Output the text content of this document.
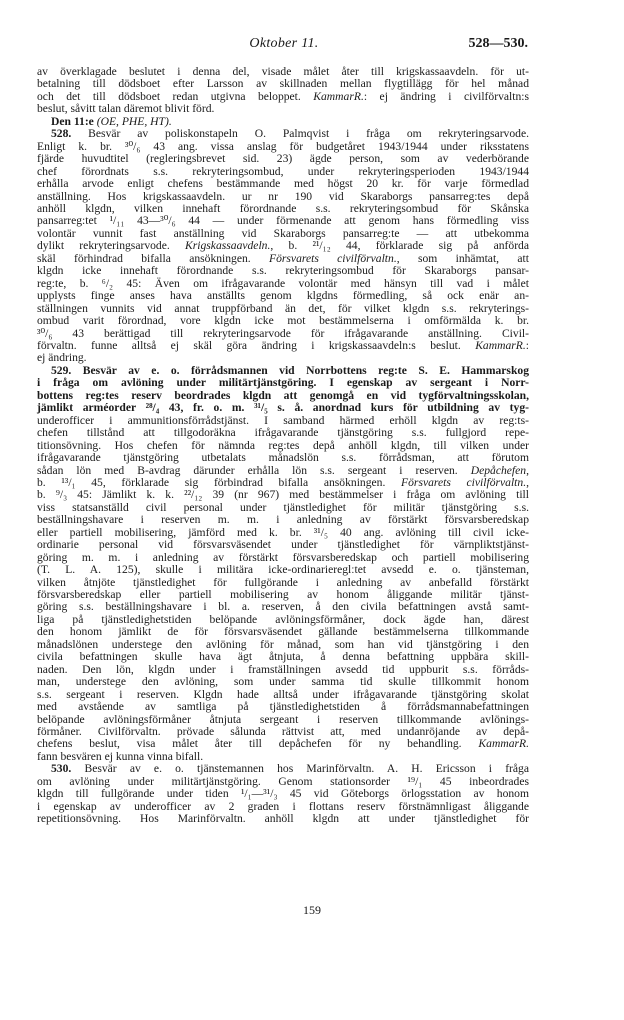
Oktober 11.	528—530.

av överklagade beslutet i denna del, visade målet åter till krigskassaavdeln. för ut-
betalning till dödsboet efter Larsson av skillnaden mellan flygtillägg för hel månad
och det till dödsboet redan utgivna beloppet. KammarR.: ej ändring i civilförvaltn:s
beslut, såvitt talan däremot blivit förd.

Den 11:e (OE, PHE, HT).

528. Besvär av poliskonstapeln O. Palmqvist i fråga om rekryteringsarvode.
Enligt k. br. ³⁰/₆ 43 ang. vissa anslag för budgetåret 1943/1944 under riksstatens
fjärde huvudtitel (regleringsbrevet sid. 23) ägde person, som av vederbörande
chef förordnats s.s. rekryteringsombud, under rekryteringsperioden 1943/1944
erhålla arvode enligt chefens bestämmande med högst 20 kr. för varje förmedlad
anställning. Hos krigskassaavdeln. ur nr 190 vid Skaraborgs pansarreg:tes depå
anhöll klgdn, vilken innehaft förordnande s.s. rekryteringsombud för Skånska
pansarreg:tet ¹/₁₁ 43—³⁰/₆ 44 — under förmenande att genom hans förmedling viss
volontär vunnit fast anställning vid Skaraborgs pansarreg:te — att utbekomma
dylikt rekryteringsarvode. Krigskassaavdeln., b. ²¹/₁₂ 44, förklarade sig på anförda
skäl förhindrad bifalla ansökningen. Försvarets civilförvaltn., som inhämtat, att
klgdn icke innehaft förordnande s.s. rekryteringsombud för Skaraborgs pansar-
reg:te, b. ⁶/₂ 45: Även om ifrågavarande volontär med hänsyn till vad i målet
upplysts finge anses hava anställts genom klgdns förmedling, så ock enär an-
ställningen vunnits vid annat truppförband än det, för vilket klgdn s.s. rekryterings-
ombud varit förordnad, vore klgdn icke mot bestämmelserna i omförmälda k. br.
³⁰/₆ 43 berättigad till rekryteringsarvode för ifrågavarande anställning. Civil-
förvaltn. funne alltså ej skäl göra ändring i krigskassaavdeln:s beslut. KammarR.:
ej ändring.

529. Besvär av e. o. förrådsmannen vid Norrbottens reg:te S. E. Hammarskog
i fråga om avlöning under militärtjänstgöring. I egenskap av sergeant i Norr-
bottens reg:tes reserv beordrades klgdn att genomgå en vid tygförvaltningsskolan,
jämlikt arméorder ²⁸/₄ 43, fr. o. m. ³¹/₅ s. å. anordnad kurs för utbildning av tyg-
underofficer i ammunitionsförrådstjänst. I samband härmed erhöll klgdn av reg:ts-
chefen tillstånd att tillgodoräkna ifrågavarande tjänstgöring s.s. fullgjord repe-
titionsövning. Hos chefen för nämnda reg:tes depå anhöll klgdn, till vilken under
ifrågavarande tjänstgöring utbetalats månadslön s.s. förrådsman, att förutom
sådan lön med B-avdrag därunder erhålla lön s.s. sergeant i reserven. Depåchefen,
b. ¹³/₁ 45, förklarade sig förbindrad bifalla ansökningen. Försvarets civilförvaltn.,
b. ⁹/₃ 45: Jämlikt k. k. ²²/₁₂ 39 (nr 967) med bestämmelser i fråga om avlöning till
viss statsanställd civil personal under tjänstledighet för militär tjänstgöring s.s.
beställningshavare i reserven m. m. i anledning av förstärkt försvarsberedskap
eller partiell mobilisering, jämförd med k. br. ³¹/₅ 40 ang. avlöning till civil icke-
ordinarie personal vid försvarsväsendet under tjänstledighet för värnpliktstjänst-
göring m. m. i anledning av förstärkt försvarsberedskap och partiell mobilisering
(T. L. A. 125), skulle i militära icke-ordinariereglːtet avsedd e. o. tjänsteman,
vilken åtnjöte tjänstledighet för fullgörande i anledning av anbefalld förstärkt
försvarsberedskap eller partiell mobilisering av honom åliggande militär tjänst-
göring s.s. beställningshavare i bl. a. reserven, å den civila befattningen avstå samt-
liga på tjänstledighetstiden belöpande avlöningsförmåner, dock ägde han, därest
den honom jämlikt de för försvarsväsendet gällande bestämmelserna tillkommande
månadslönen understege den avlöning för månad, som han vid tjänstgöring i den
civila befattningen skulle hava ägt åtnjuta, å denna befattning uppbära skill-
naden. Den lön, klgdn under i framställningen avsedd tid uppburit s.s. förråds-
man, understege den avlöning, som under samma tid skulle tillkommit honom
s.s. sergeant i reserven. Klgdn hade alltså under ifrågavarande tjänstgöring skolat
med avstående av samtliga på tjänstledighetstiden å förrådsmannabefattningen
belöpande avlöningsförmåner åtnjuta sergeant i reserven tillkommande avlönings-
förmåner. Civilförvaltn. prövade sålunda rättvist att, med undanröjande av depå-
chefens beslut, visa målet åter till depåchefen för ny behandling. KammarR.
fann besvären ej kunna vinna bifall.

530. Besvär av e. o. tjänstemannen hos Marinförvaltn. A. H. Ericsson i fråga
om avlöning under militärtjänstgöring. Genom stationsorder ¹⁹/₁ 45 inbeordrades
klgdn till fullgörande under tiden ¹/₁—³¹/₃ 45 vid Göteborgs örlogsstation av honom
i egenskap av underofficer av 2 graden i flottans reserv förstnämnligast åliggande
repetitionsövning. Hos Marinförvaltn. anhöll klgdn att under tjänstledighet för

159
